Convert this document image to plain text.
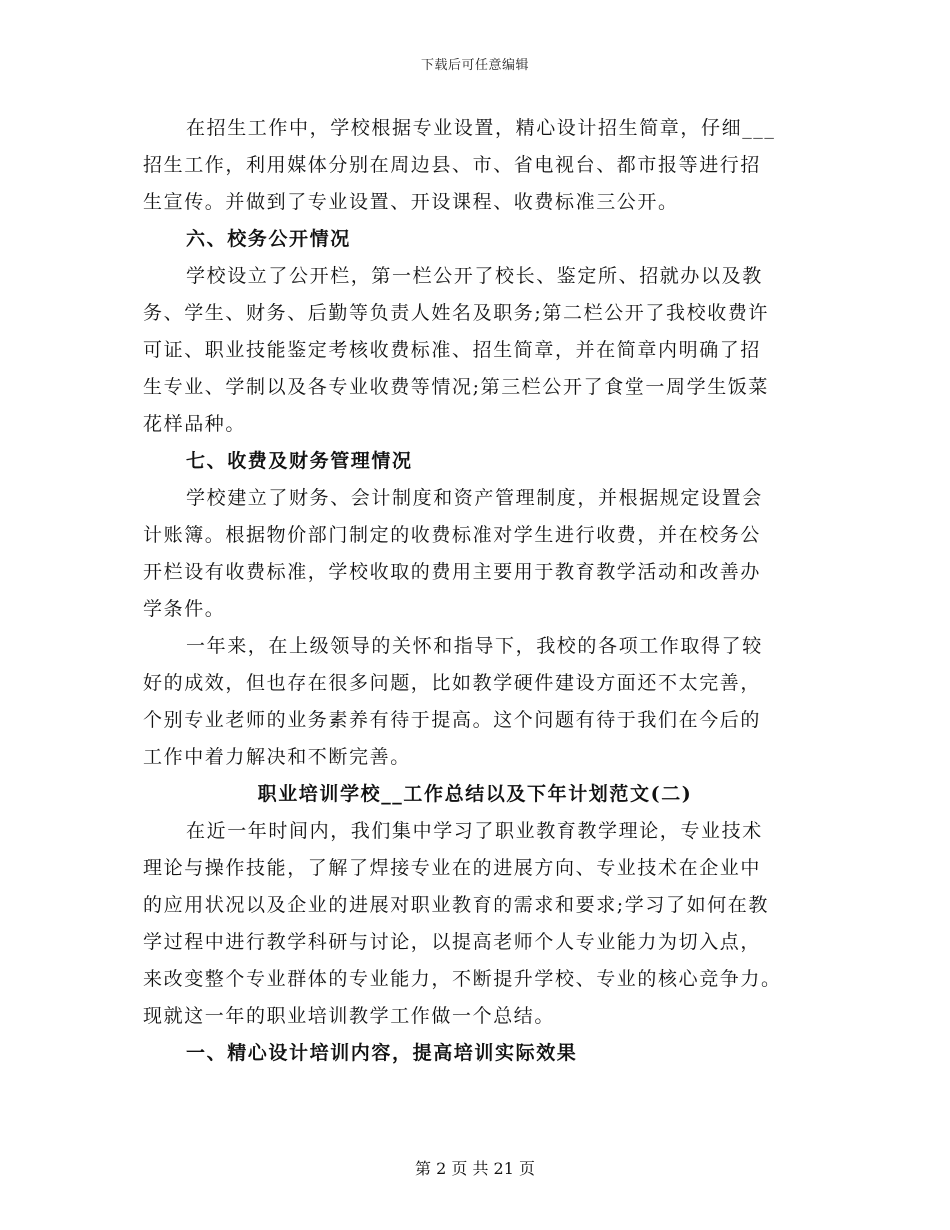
下载后可任意编辑
在招生工作中，学校根据专业设置，精心设计招生简章，仔细___
招生工作，利用媒体分别在周边县、市、省电视台、都市报等进行招
生宣传。并做到了专业设置、开设课程、收费标准三公开。
六、校务公开情况
学校设立了公开栏，第一栏公开了校长、鉴定所、招就办以及教
务、学生、财务、后勤等负责人姓名及职务;第二栏公开了我校收费许
可证、职业技能鉴定考核收费标准、招生简章，并在简章内明确了招
生专业、学制以及各专业收费等情况;第三栏公开了食堂一周学生饭菜
花样品种。
七、收费及财务管理情况
学校建立了财务、会计制度和资产管理制度，并根据规定设置会
计账簿。根据物价部门制定的收费标准对学生进行收费，并在校务公
开栏设有收费标准，学校收取的费用主要用于教育教学活动和改善办
学条件。
一年来，在上级领导的关怀和指导下，我校的各项工作取得了较
好的成效，但也存在很多问题，比如教学硬件建设方面还不太完善，
个别专业老师的业务素养有待于提高。这个问题有待于我们在今后的
工作中着力解决和不断完善。
职业培训学校__工作总结以及下年计划范文(二)
在近一年时间内，我们集中学习了职业教育教学理论，专业技术
理论与操作技能，了解了焊接专业在的进展方向、专业技术在企业中
的应用状况以及企业的进展对职业教育的需求和要求;学习了如何在教
学过程中进行教学科研与讨论，以提高老师个人专业能力为切入点，
来改变整个专业群体的专业能力，不断提升学校、专业的核心竞争力。
现就这一年的职业培训教学工作做一个总结。
一、精心设计培训内容，提高培训实际效果
第 2 页 共 21 页
